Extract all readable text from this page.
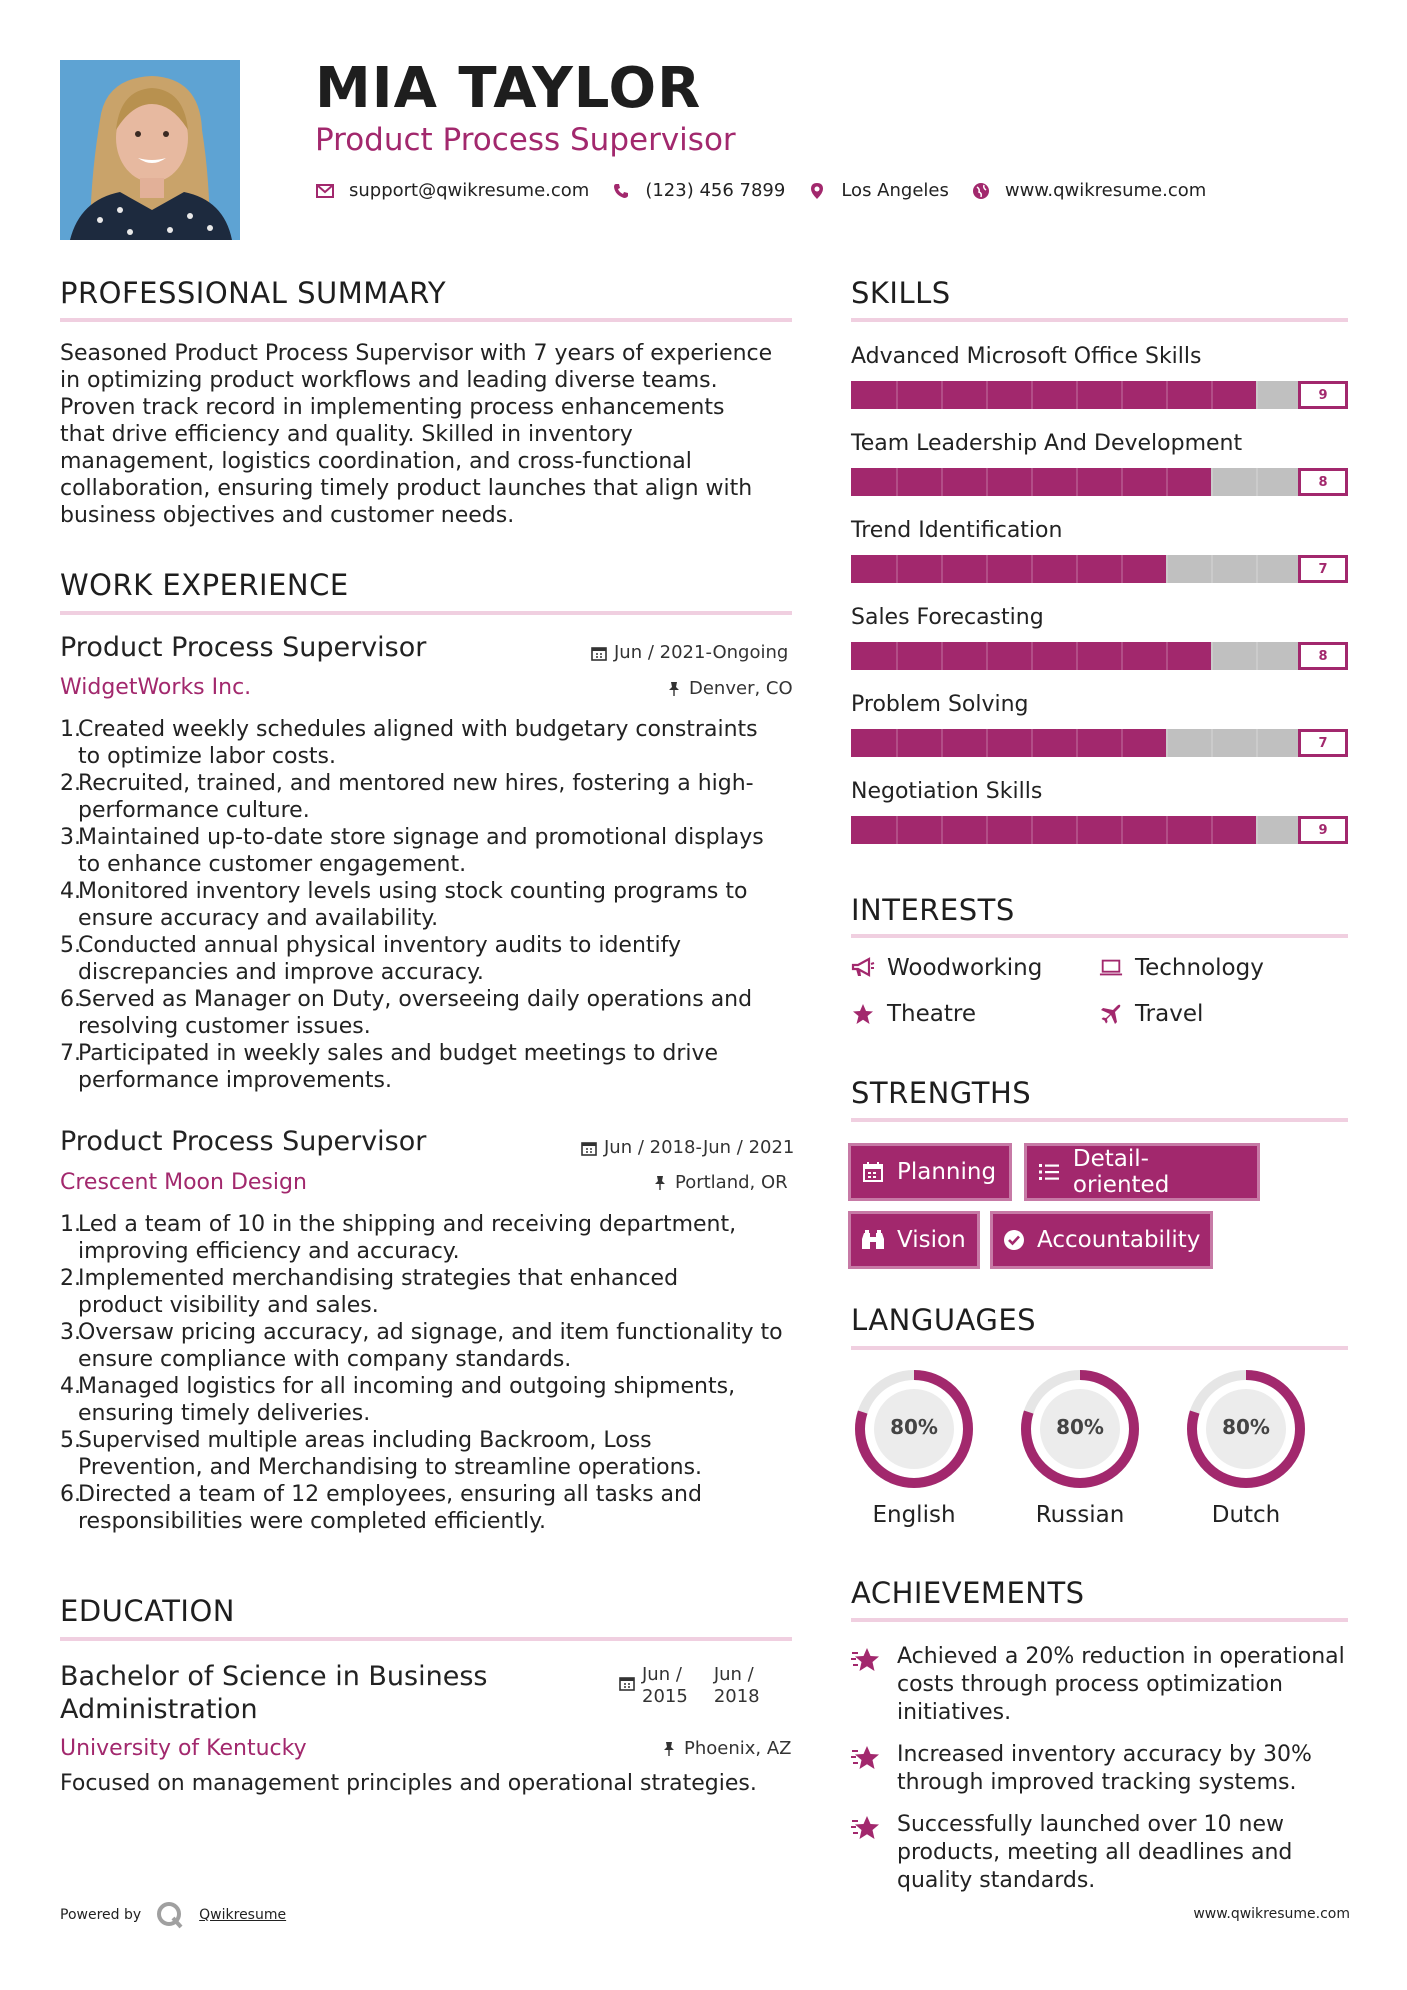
MIA TAYLOR
Product Process Supervisor
support@qwikresume.com	(123) 456 7899	Los Angeles	www.qwikresume.com
PROFESSIONAL SUMMARY
Seasoned Product Process Supervisor with 7 years of experience
in optimizing product workflows and leading diverse teams.
Proven track record in implementing process enhancements
that drive efficiency and quality. Skilled in inventory
management, logistics coordination, and cross-functional
collaboration, ensuring timely product launches that align with
business objectives and customer needs.
WORK EXPERIENCE
Product Process Supervisor	Jun / 2021-Ongoing
WidgetWorks Inc.	Denver, CO
1.
Created weekly schedules aligned with budgetary constraints
to optimize labor costs.
2.
Recruited, trained, and mentored new hires, fostering a high-
performance culture.
3.
Maintained up-to-date store signage and promotional displays
to enhance customer engagement.
4.
Monitored inventory levels using stock counting programs to
ensure accuracy and availability.
5.
Conducted annual physical inventory audits to identify
discrepancies and improve accuracy.
6.
Served as Manager on Duty, overseeing daily operations and
resolving customer issues.
7.
Participated in weekly sales and budget meetings to drive
performance improvements.
Product Process Supervisor	Jun / 2018-Jun / 2021
Crescent Moon Design	Portland, OR
1.
Led a team of 10 in the shipping and receiving department,
improving efficiency and accuracy.
2.
Implemented merchandising strategies that enhanced
product visibility and sales.
3.
Oversaw pricing accuracy, ad signage, and item functionality to
ensure compliance with company standards.
4.
Managed logistics for all incoming and outgoing shipments,
ensuring timely deliveries.
5.
Supervised multiple areas including Backroom, Loss
Prevention, and Merchandising to streamline operations.
6.
Directed a team of 12 employees, ensuring all tasks and
responsibilities were completed efficiently.
EDUCATION
Bachelor of Science in Business
Administration
Jun /
2015
Jun /
2018
University of Kentucky	Phoenix, AZ
Focused on management principles and operational strategies.
SKILLS
Advanced Microsoft Office Skills
9
Team Leadership And Development
8
Trend Identification
7
Sales Forecasting
8
Problem Solving
7
Negotiation Skills
9
INTERESTS
Woodworking	Technology
Theatre	Travel
STRENGTHS
Planning	Detail-oriented
Vision	Accountability
LANGUAGES
80%
English
80%
Russian
80%
Dutch
ACHIEVEMENTS
Achieved a 20% reduction in operational
costs through process optimization
initiatives.
Increased inventory accuracy by 30%
through improved tracking systems.
Successfully launched over 10 new
products, meeting all deadlines and
quality standards.
Powered by	Qwikresume	www.qwikresume.com
